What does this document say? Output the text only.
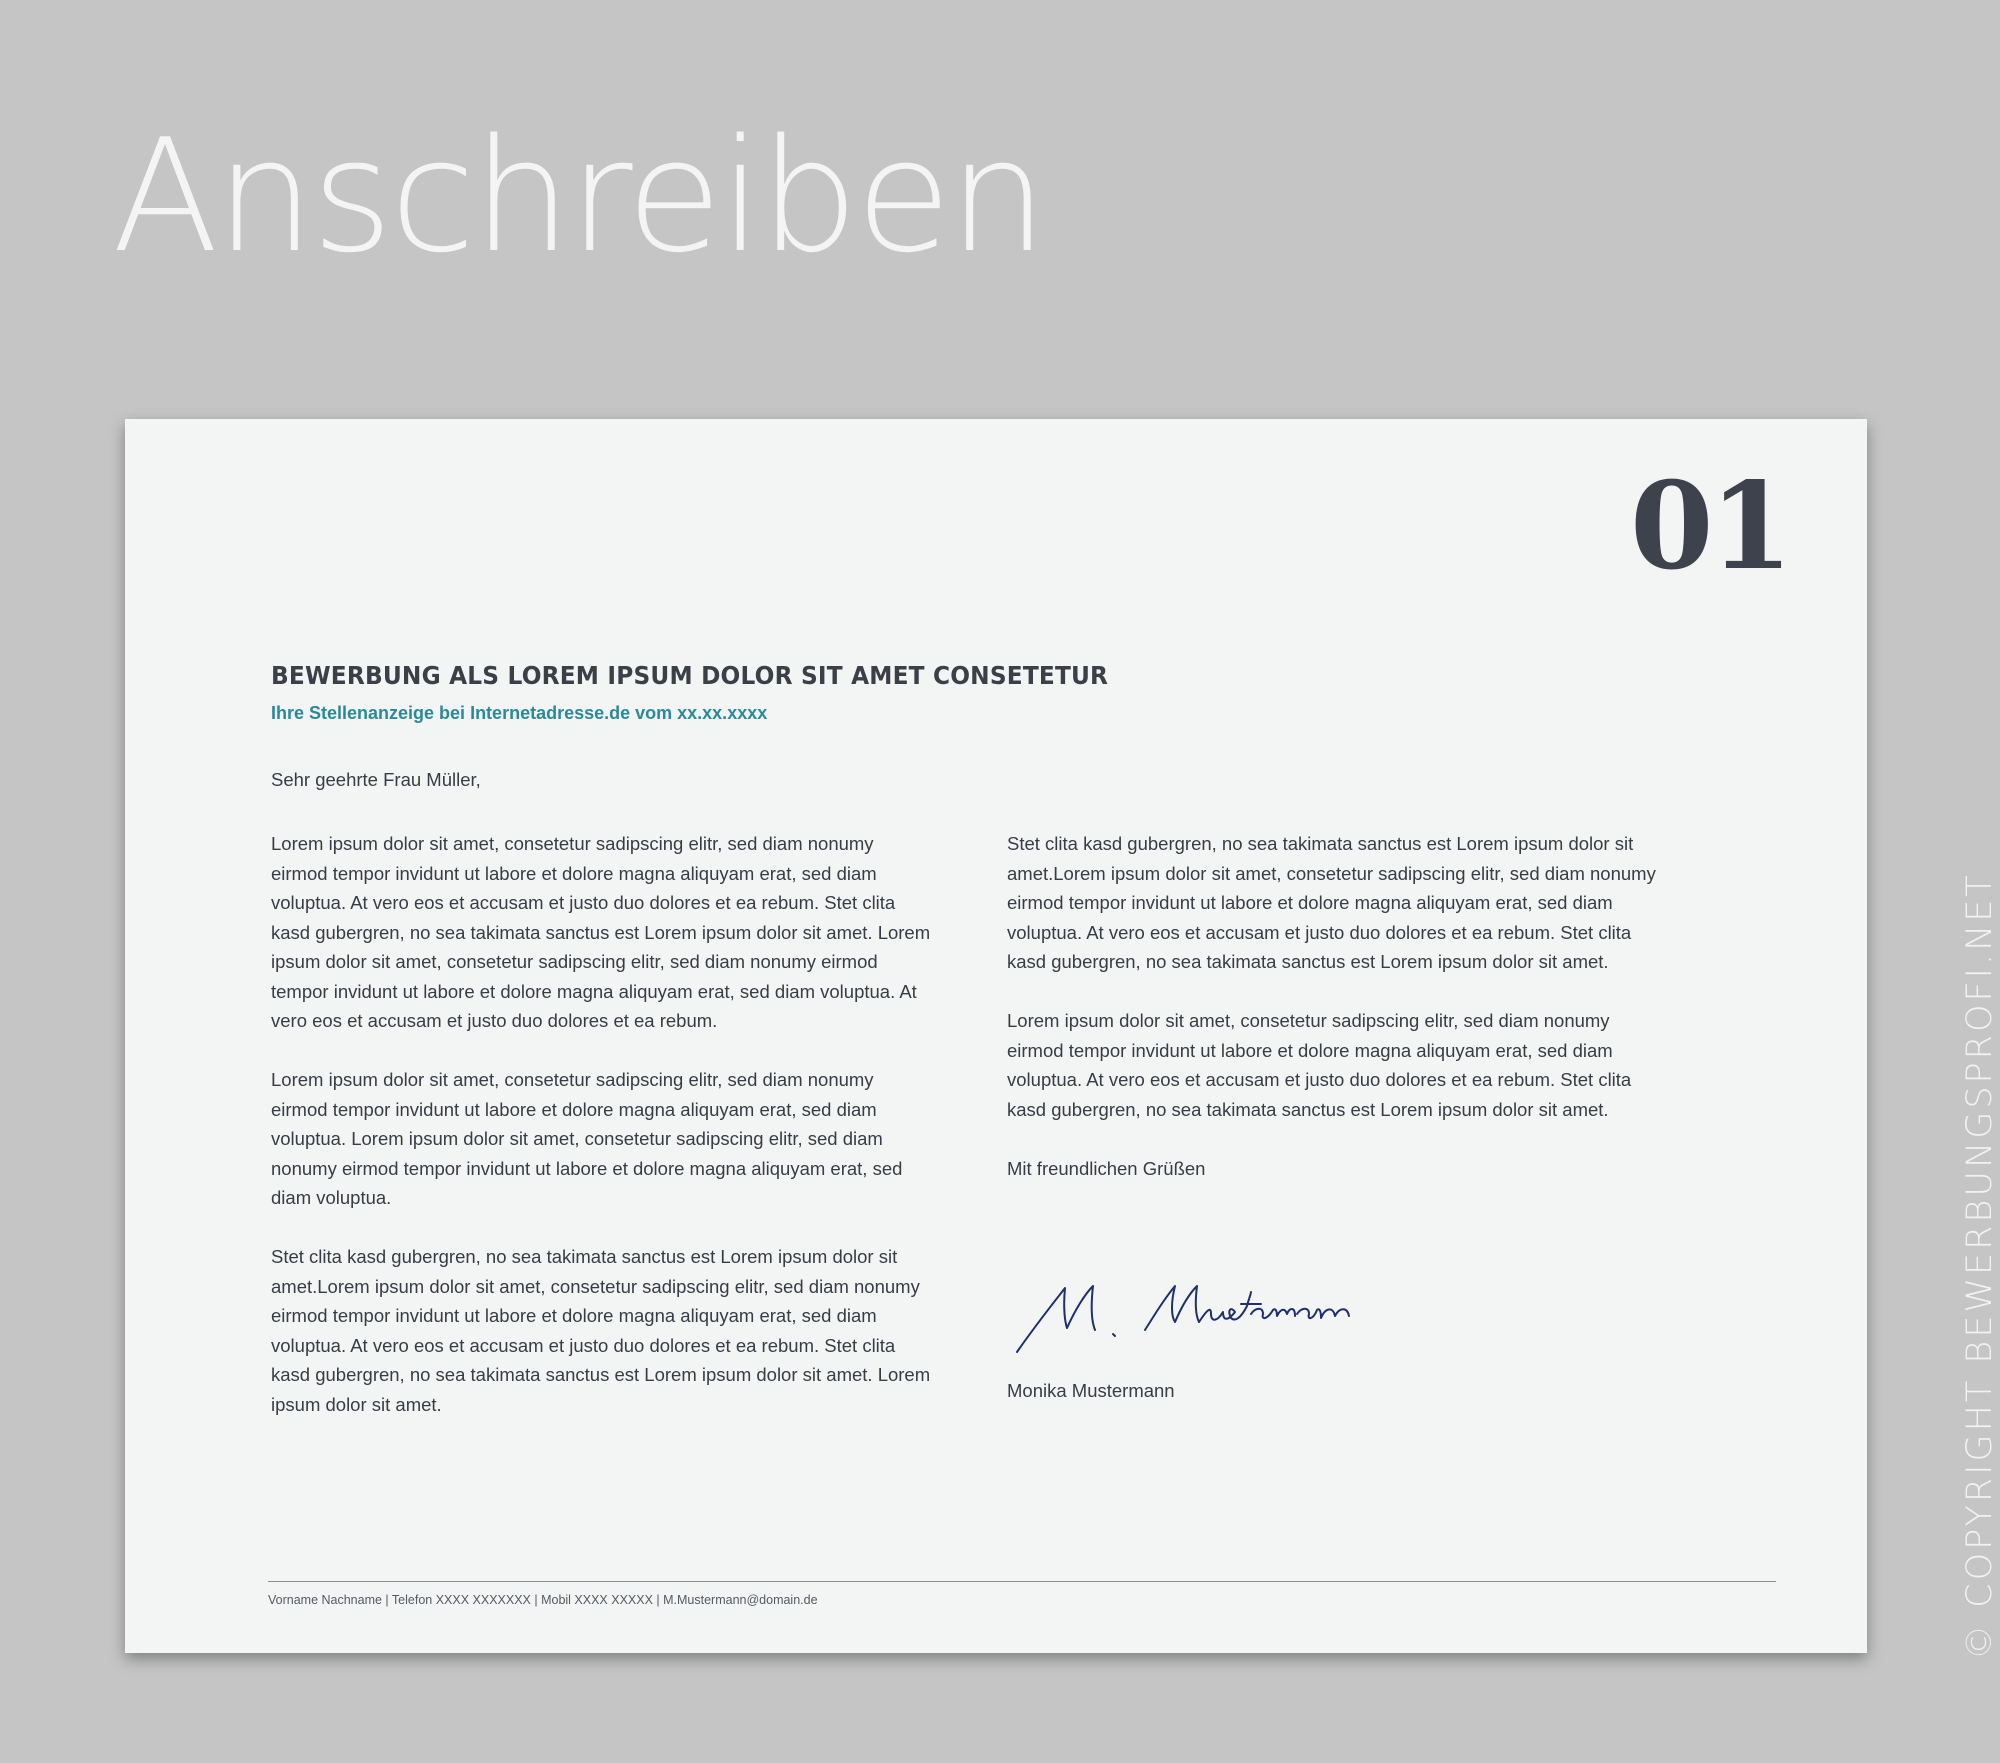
Anschreiben
01
BEWERBUNG ALS LOREM IPSUM DOLOR SIT AMET CONSETETUR
Ihre Stellenanzeige bei Internetadresse.de vom xx.xx.xxxx
Sehr geehrte Frau Müller,

Lorem ipsum dolor sit amet, consetetur sadipscing elitr, sed diam nonumy eirmod tempor invidunt ut labore et dolore magna aliquyam erat, sed diam voluptua. At vero eos et accusam et justo duo dolores et ea rebum. Stet clita kasd gubergren, no sea takimata sanctus est Lorem ipsum dolor sit amet. Lorem ipsum dolor sit amet, consetetur sadipscing elitr, sed diam nonumy eirmod tempor invidunt ut labore et dolore magna aliquyam erat, sed diam voluptua. At vero eos et accusam et justo duo dolores et ea rebum.

Lorem ipsum dolor sit amet, consetetur sadipscing elitr, sed diam nonumy eirmod tempor invidunt ut labore et dolore magna aliquyam erat, sed diam voluptua. Lorem ipsum dolor sit amet, consetetur sadipscing elitr, sed diam nonumy eirmod tempor invidunt ut labore et dolore magna aliquyam erat, sed diam voluptua.

Stet clita kasd gubergren, no sea takimata sanctus est Lorem ipsum dolor sit amet.Lorem ipsum dolor sit amet, consetetur sadipscing elitr, sed diam nonumy eirmod tempor invidunt ut labore et dolore magna aliquyam erat, sed diam voluptua. At vero eos et accusam et justo duo dolores et ea rebum. Stet clita kasd gubergren, no sea takimata sanctus est Lorem ipsum dolor sit amet. Lorem ipsum dolor sit amet.

Stet clita kasd gubergren, no sea takimata sanctus est Lorem ipsum dolor sit amet.Lorem ipsum dolor sit amet, consetetur sadipscing elitr, sed diam nonumy eirmod tempor invidunt ut labore et dolore magna aliquyam erat, sed diam voluptua. At vero eos et accusam et justo duo dolores et ea rebum. Stet clita kasd gubergren, no sea takimata sanctus est Lorem ipsum dolor sit amet.

Lorem ipsum dolor sit amet, consetetur sadipscing elitr, sed diam nonumy eirmod tempor invidunt ut labore et dolore magna aliquyam erat, sed diam voluptua. At vero eos et accusam et justo duo dolores et ea rebum. Stet clita kasd gubergren, no sea takimata sanctus est Lorem ipsum dolor sit amet.

Mit freundlichen Grüßen
Monika Mustermann
Vorname Nachname | Telefon XXXX XXXXXXX | Mobil XXXX XXXXX | M.Mustermann@domain.de	© COPYRIGHT BEWERBUNGSPROFI.NET
